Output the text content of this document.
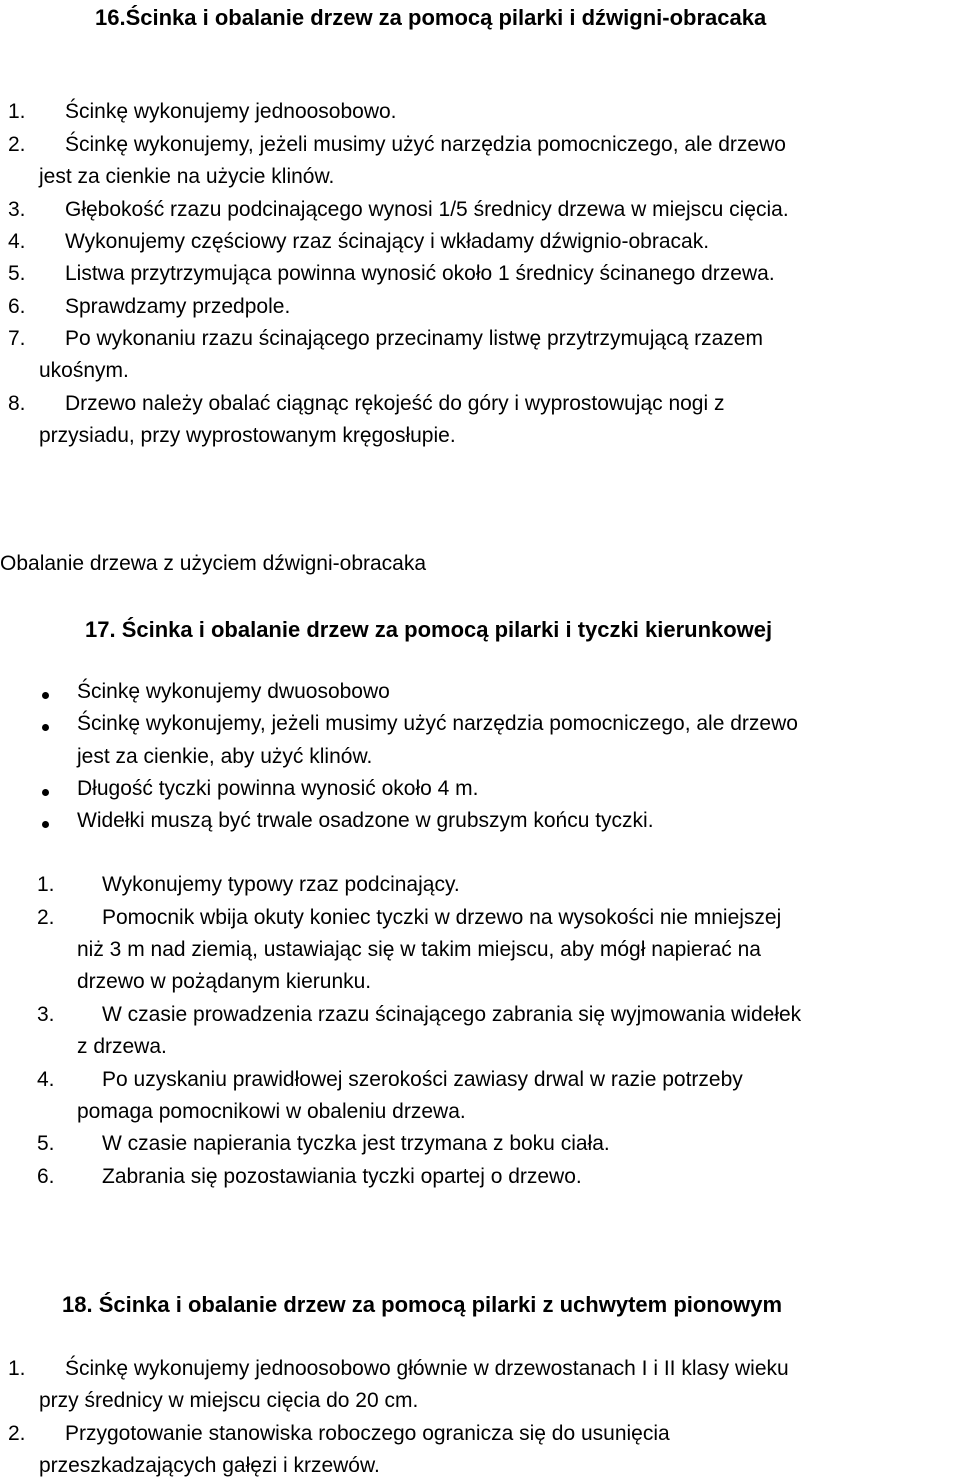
16.Ścinka i obalanie drzew za pomocą pilarki i dźwigni-obracaka
1. Ścinkę wykonujemy jednoosobowo.
2. Ścinkę wykonujemy, jeżeli musimy użyć narzędzia pomocniczego, ale drzewo
jest za cienkie na użycie klinów.
3. Głębokość rzazu podcinającego wynosi 1/5 średnicy drzewa w miejscu cięcia.
4. Wykonujemy częściowy rzaz ścinający i wkładamy dźwignio-obracak.
5. Listwa przytrzymująca powinna wynosić około 1 średnicy ścinanego drzewa.
6. Sprawdzamy przedpole.
7. Po wykonaniu rzazu ścinającego przecinamy listwę przytrzymującą rzazem
ukośnym.
8. Drzewo należy obalać ciągnąc rękojeść do góry i wyprostowując nogi z
przysiadu, przy wyprostowanym kręgosłupie.
Obalanie drzewa z użyciem dźwigni-obracaka
17. Ścinka i obalanie drzew za pomocą pilarki i tyczki kierunkowej
Ścinkę wykonujemy dwuosobowo
Ścinkę wykonujemy, jeżeli musimy użyć narzędzia pomocniczego, ale drzewo
jest za cienkie, aby użyć klinów.
Długość tyczki powinna wynosić około 4 m.
Widełki muszą być trwale osadzone w grubszym końcu tyczki.
1. Wykonujemy typowy rzaz podcinający.
2. Pomocnik wbija okuty koniec tyczki w drzewo na wysokości nie mniejszej
niż 3 m nad ziemią, ustawiając się w takim miejscu, aby mógł napierać na
drzewo w pożądanym kierunku.
3. W czasie prowadzenia rzazu ścinającego zabrania się wyjmowania widełek
z drzewa.
4. Po uzyskaniu prawidłowej szerokości zawiasy drwal w razie potrzeby
pomaga pomocnikowi w obaleniu drzewa.
5. W czasie napierania tyczka jest trzymana z boku ciała.
6. Zabrania się pozostawiania tyczki opartej o drzewo.
18. Ścinka i obalanie drzew za pomocą pilarki z uchwytem pionowym
1. Ścinkę wykonujemy jednoosobowo głównie w drzewostanach I i II klasy wieku
przy średnicy w miejscu cięcia do 20 cm.
2. Przygotowanie stanowiska roboczego ogranicza się do usunięcia
przeszkadzających gałęzi i krzewów.
